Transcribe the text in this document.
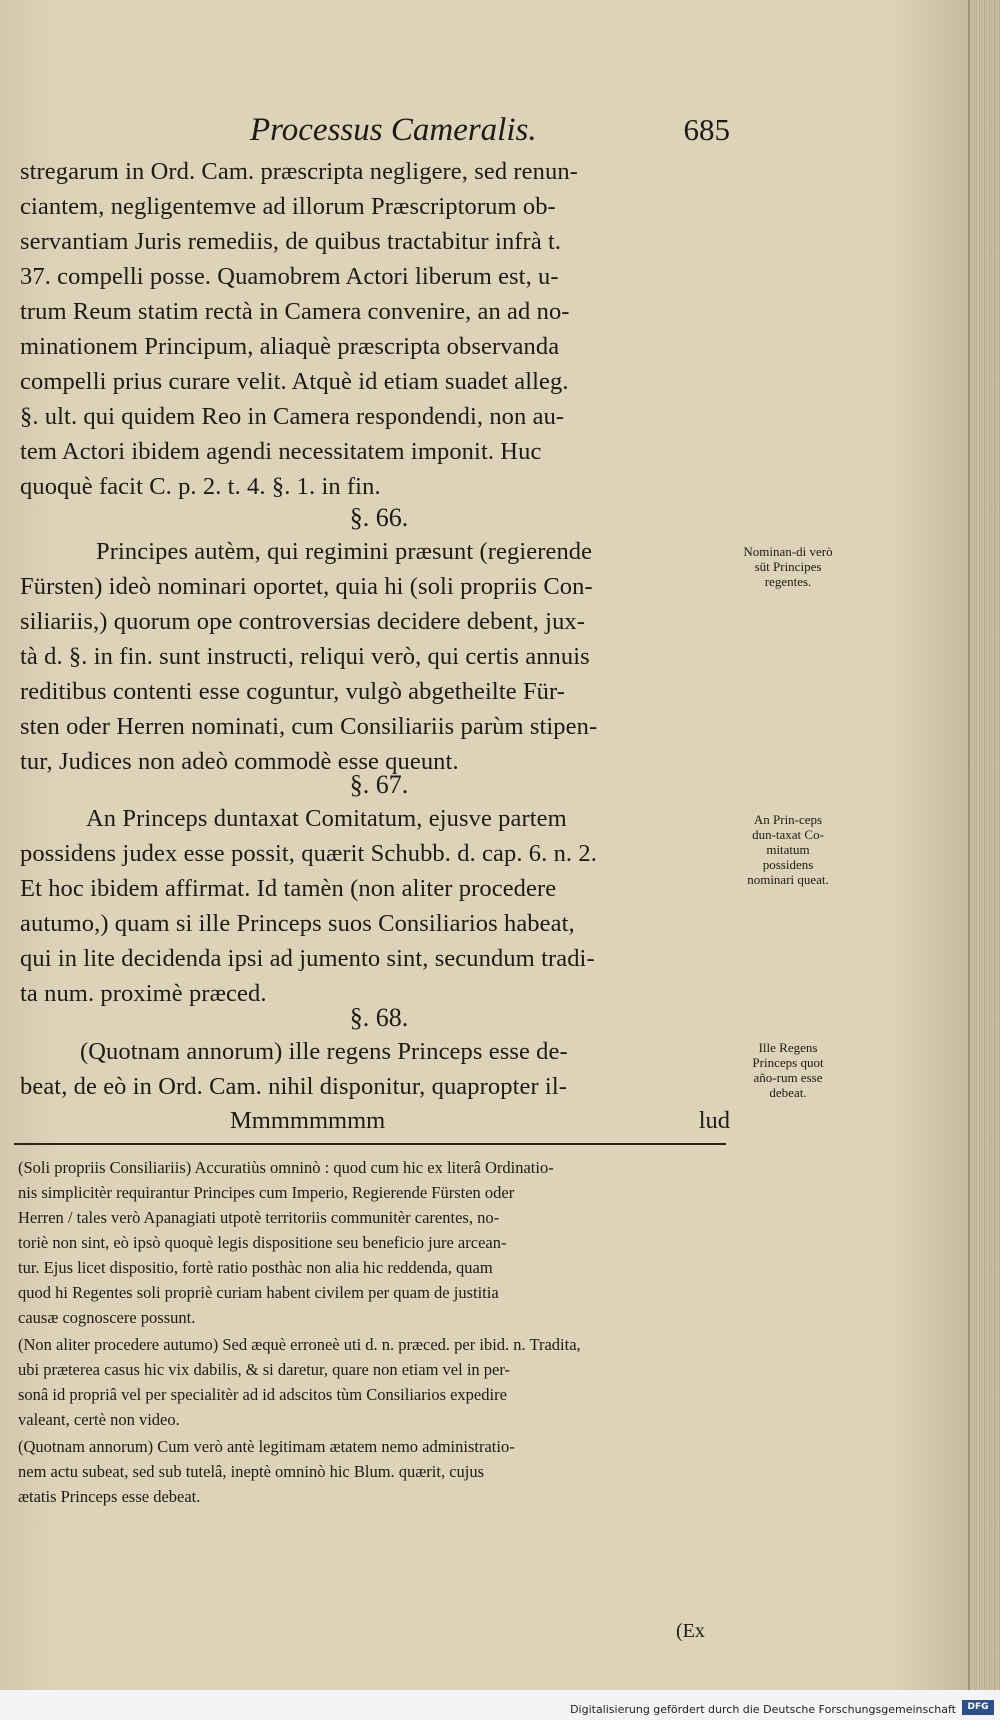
Processus Cameralis.	685
stregarum in Ord. Cam. præscripta negligere, sed renun-
ciantem, negligentemve ad illorum Præscriptorum ob-
servantiam Juris remediis, de quibus tractabitur infrà t.
37. compelli posse. Quamobrem Actori liberum est, u-
trum Reum statim rectà in Camera convenire, an ad no-
minationem Principum, aliaquè præscripta observanda
compelli prius curare velit. Atquè id etiam suadet alleg.
§. ult. qui quidem Reo in Camera respondendi, non au-
tem Actori ibidem agendi necessitatem imponit. Huc
quoquè facit C. p. 2. t. 4. §. 1. in fin.
§. 66.
Principes autèm, qui regimini præsunt (regierende
Fürsten) ideò nominari oportet, quia hi (soli propriis Con-
siliariis,) quorum ope controversias decidere debent, jux-
tà d. §. in fin. sunt instructi, reliqui verò, qui certis annuis
reditibus contenti esse coguntur, vulgò abgetheilte Für-
sten oder Herren nominati, cum Consiliariis parùm stipen-
tur, Judices non adeò commodè esse queunt.
Nominan-di verò süt Principes regentes.
§. 67.
An Princeps duntaxat Comitatum, ejusve partem
possidens judex esse possit, quærit Schubb. d. cap. 6. n. 2.
Et hoc ibidem affirmat. Id tamèn (non aliter procedere
autumo,) quam si ille Princeps suos Consiliarios habeat,
qui in lite decidenda ipsi ad jumento sint, secundum tradi-
ta num. proximè præced.
An Prin-ceps dun-taxat Co-mitatum possidens nominari queat.
§. 68.
(Quotnam annorum) ille regens Princeps esse de-
beat, de eò in Ord. Cam. nihil disponitur, quapropter il-
Ille Regens Princeps quot año-rum esse debeat.
Mmmmmmmm	lud
(Soli propriis Consiliariis) Accuratiùs omninò : quod cum hic ex literâ Ordinatio-
nis simplicitèr requirantur Principes cum Imperio, Regierende Fürsten oder
Herren / tales verò Apanagiati utpotè territoriis communitèr carentes, no-
toriè non sint, eò ipsò quoquè legis dispositione seu beneficio jure arcean-
tur. Ejus licet dispositio, fortè ratio posthàc non alia hic reddenda, quam
quod hi Regentes soli propriè curiam habent civilem per quam de justitia
causæ cognoscere possunt.
(Non aliter procedere autumo) Sed æquè erroneè uti d. n. præced. per ibid. n. Tradita,
ubi præterea casus hic vix dabilis, & si daretur, quare non etiam vel in per-
sonâ id propriâ vel per specialitèr ad id adscitos tùm Consiliarios expedire
valeant, certè non video.
(Quotnam annorum) Cum verò antè legitimam ætatem nemo administratio-
nem actu subeat, sed sub tutelâ, ineptè omninò hic Blum. quærit, cujus
ætatis Princeps esse debeat.
(Ex
Digitalisierung gefördert durch die Deutsche Forschungsgemeinschaft	DFG
